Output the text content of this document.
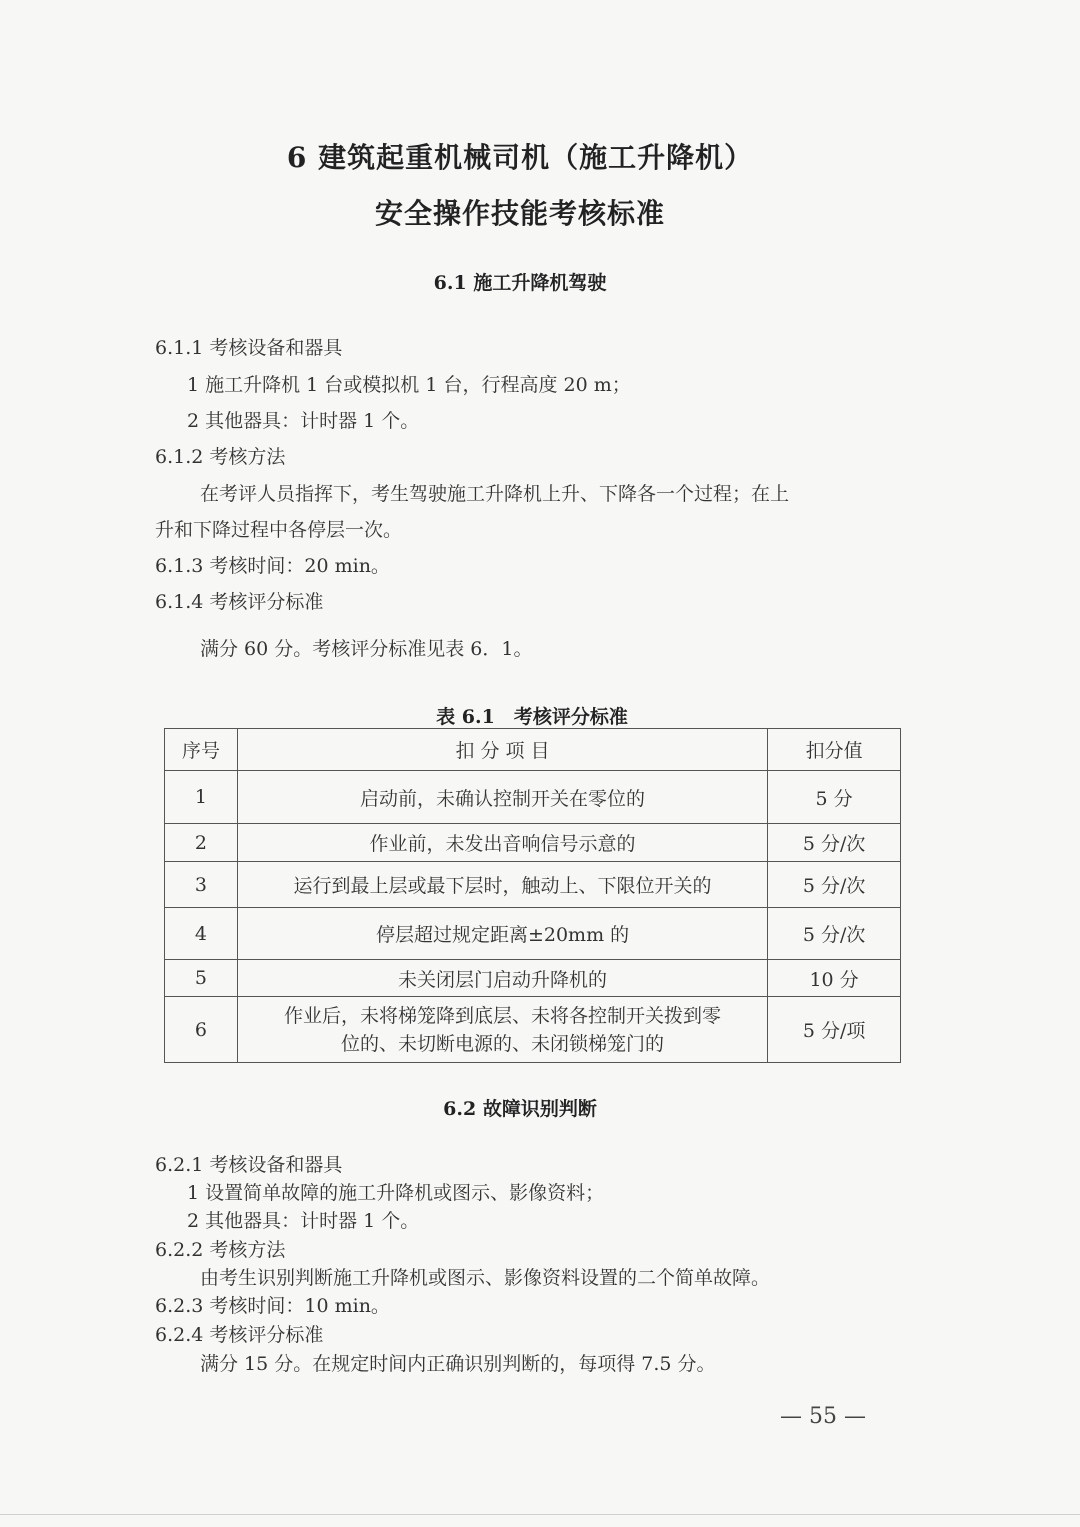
6 建筑起重机械司机（施工升降机）
安全操作技能考核标准
6.1 施工升降机驾驶
6.1.1 考核设备和器具
1 施工升降机 1 台或模拟机 1 台，行程高度 20 m；
2 其他器具：计时器 1 个。
6.1.2 考核方法
在考评人员指挥下，考生驾驶施工升降机上升、下降各一个过程；在上
升和下降过程中各停层一次。
6.1.3 考核时间：20 min。
6.1.4 考核评分标准
满分 60 分。考核评分标准见表 6．1。
表 6.1　考核评分标准
序号	扣 分 项 目	扣分值
1	启动前，未确认控制开关在零位的	5 分
2	作业前，未发出音响信号示意的	5 分/次
3	运行到最上层或最下层时，触动上、下限位开关的	5 分/次
4	停层超过规定距离±20mm 的	5 分/次
5	未关闭层门启动升降机的	10 分
6	作业后，未将梯笼降到底层、未将各控制开关拨到零
位的、未切断电源的、未闭锁梯笼门的	5 分/项
6.2 故障识别判断
6.2.1 考核设备和器具
1 设置简单故障的施工升降机或图示、影像资料；
2 其他器具：计时器 1 个。
6.2.2 考核方法
由考生识别判断施工升降机或图示、影像资料设置的二个简单故障。
6.2.3 考核时间：10 min。
6.2.4 考核评分标准
满分 15 分。在规定时间内正确识别判断的，每项得 7.5 分。
— 55 —
